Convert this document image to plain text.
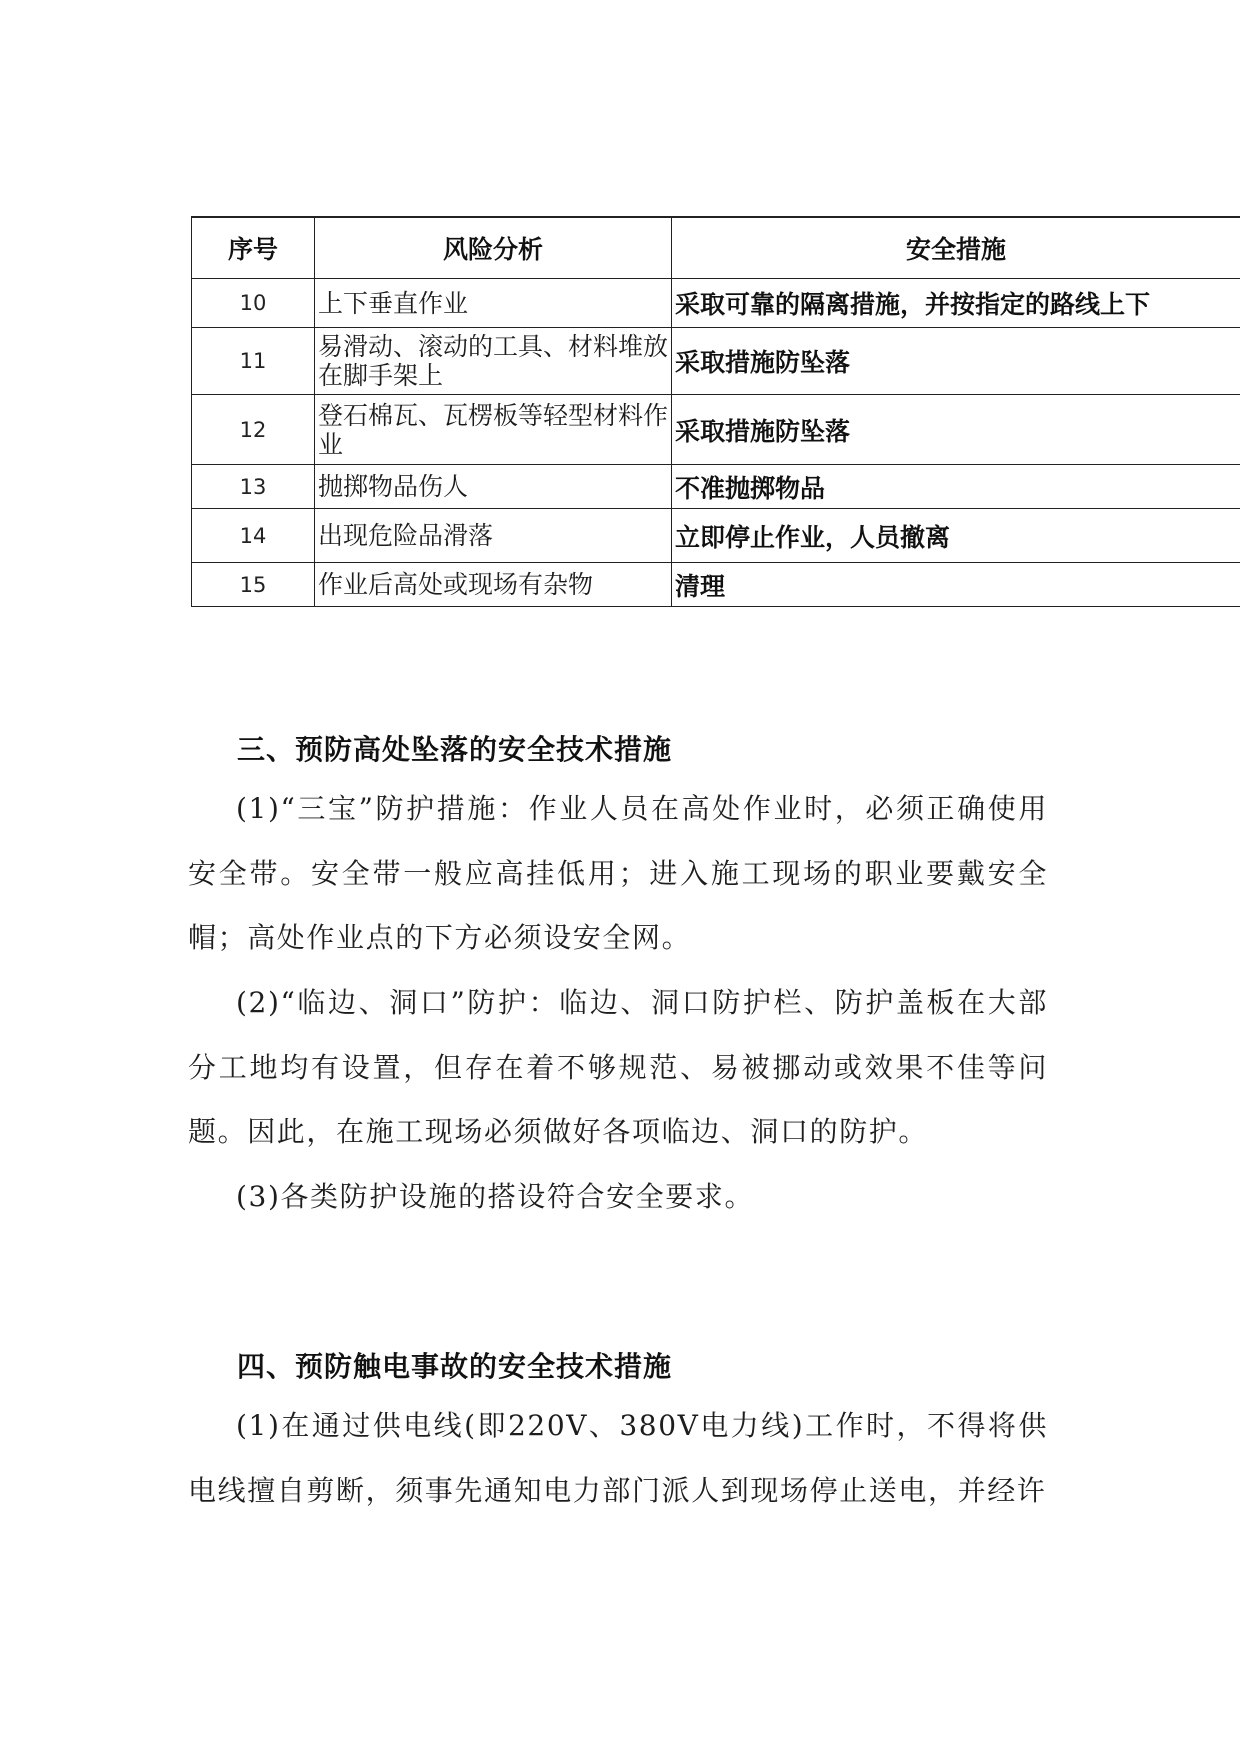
序号	风险分析	安全措施
10	上下垂直作业	采取可靠的隔离措施，并按指定的路线上下
11	易滑动、滚动的工具、材料堆放在脚手架上	采取措施防坠落
12	登石棉瓦、瓦楞板等轻型材料作业	采取措施防坠落
13	抛掷物品伤人	不准抛掷物品
14	出现危险品滑落	立即停止作业，人员撤离
15	作业后高处或现场有杂物	清理
三、预防高处坠落的安全技术措施

(1)“三宝”防护措施：作业人员在高处作业时，必须正确使用安全带。安全带一般应高挂低用；进入施工现场的职业要戴安全帽；高处作业点的下方必须设安全网。

(2)“临边、洞口”防护：临边、洞口防护栏、防护盖板在大部分工地均有设置，但存在着不够规范、易被挪动或效果不佳等问题。因此，在施工现场必须做好各项临边、洞口的防护。

(3)各类防护设施的搭设符合安全要求。

四、预防触电事故的安全技术措施

(1)在通过供电线(即220V、380V电力线)工作时，不得将供电线擅自剪断，须事先通知电力部门派人到现场停止送电，并经许
